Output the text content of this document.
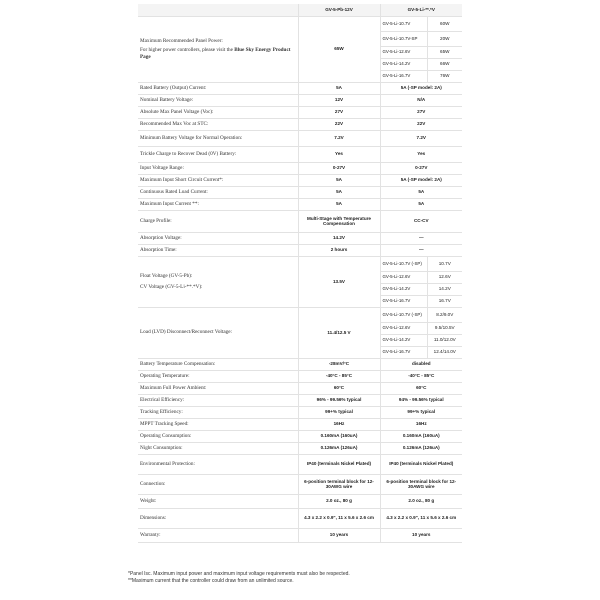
	GV-5-Pb-12V	GV-5-Li-**.*V	
Maximum Recommended Panel Power:
For higher power controllers, please visit the Blue Sky Energy Product Page	65W	GV-5-Li-10.7V	60W
		GV-5-Li-10.7V-SP	20W
		GV-5-Li-12.6V	65W
		GV-5-Li-14.2V	66W
		GV-5-Li-16.7V	76W
Rated Battery (Output) Current:	5A	5A (-SP model: 2A)	
Nominal Battery Voltage:	12V	N/A	
Absolute Max Panel Voltage (Voc):	27V	27V	
Recommended Max Voc at STC:	22V	22V	
Minimum Battery Voltage for Normal Operation:	7.2V	7.2V	
Trickle Charge to Recover Dead (0V) Battery:	Yes	Yes	
Input Voltage Range:	0-27V	0-27V	
Maximum Input Short Circuit Current*:	5A	5A (-SP model: 2A)	
Continuous Rated Load Current:	5A	5A	
Maximum Input Current **:	5A	5A	
Charge Profile:	Multi-Stage with Temperature Compensation	CC-CV	
Absorption Voltage:	14.2V	—	
Absorption Time:	2 hours	—	
Float Voltage (GV-5-Pb):
CV Voltage (GV-5-Li-**.*V):	13.5V	GV-5-Li-10.7V (-SP)	10.7V
		GV-5-Li-12.6V	12.6V
		GV-5-Li-14.2V	14.2V
		GV-5-Li-16.7V	16.7V
Load (LVD) Disconnect/Reconnect Voltage:	11.4/12.5 V	GV-5-Li-10.7V (-SP)	8.2/9.0V
		GV-5-Li-12.6V	9.5/10.5V
		GV-5-Li-14.2V	11.0/12.0V
		GV-5-Li-16.7V	12.4/14.0V
Battery Temperature Compensation:	-28mV/°C	disabled	
Operating Temperature:	-40°C - 85°C	-40°C - 85°C	
Maximum Full Power Ambient:	60°C	60°C	
Electrical Efficiency:	96% - 99.56% typical	94% - 99.56% typical	
Tracking Efficiency:	99+% typical	99+% typical	
MPPT Tracking Speed:	16Hz	16Hz	
Operating Consumption:	0.160mA (160uA)	0.160mA (160uA)	
Night Consumption:	0.126mA (126uA)	0.126mA (126uA)	
Environmental Protection:	IP40 (terminals Nickel Plated)	IP40 (terminals Nickel Plated)	
Connection:	6-position terminal block for 12-30AWG wire	6-position terminal block for 12-30AWG wire	
Weight:	2.0 oz., 80 g	2.0 oz., 80 g	
Dimensions:	4.3 x 2.2 x 0.9", 11 x 5.6 x 2.6 cm	4.3 x 2.2 x 0.9", 11 x 5.6 x 2.6 cm	
Warranty:	10 years	10 years	
*Panel Isc. Maximum input power and maximum input voltage requirements must also be respected.
**Maximum current that the controller could draw from an unlimited source.
